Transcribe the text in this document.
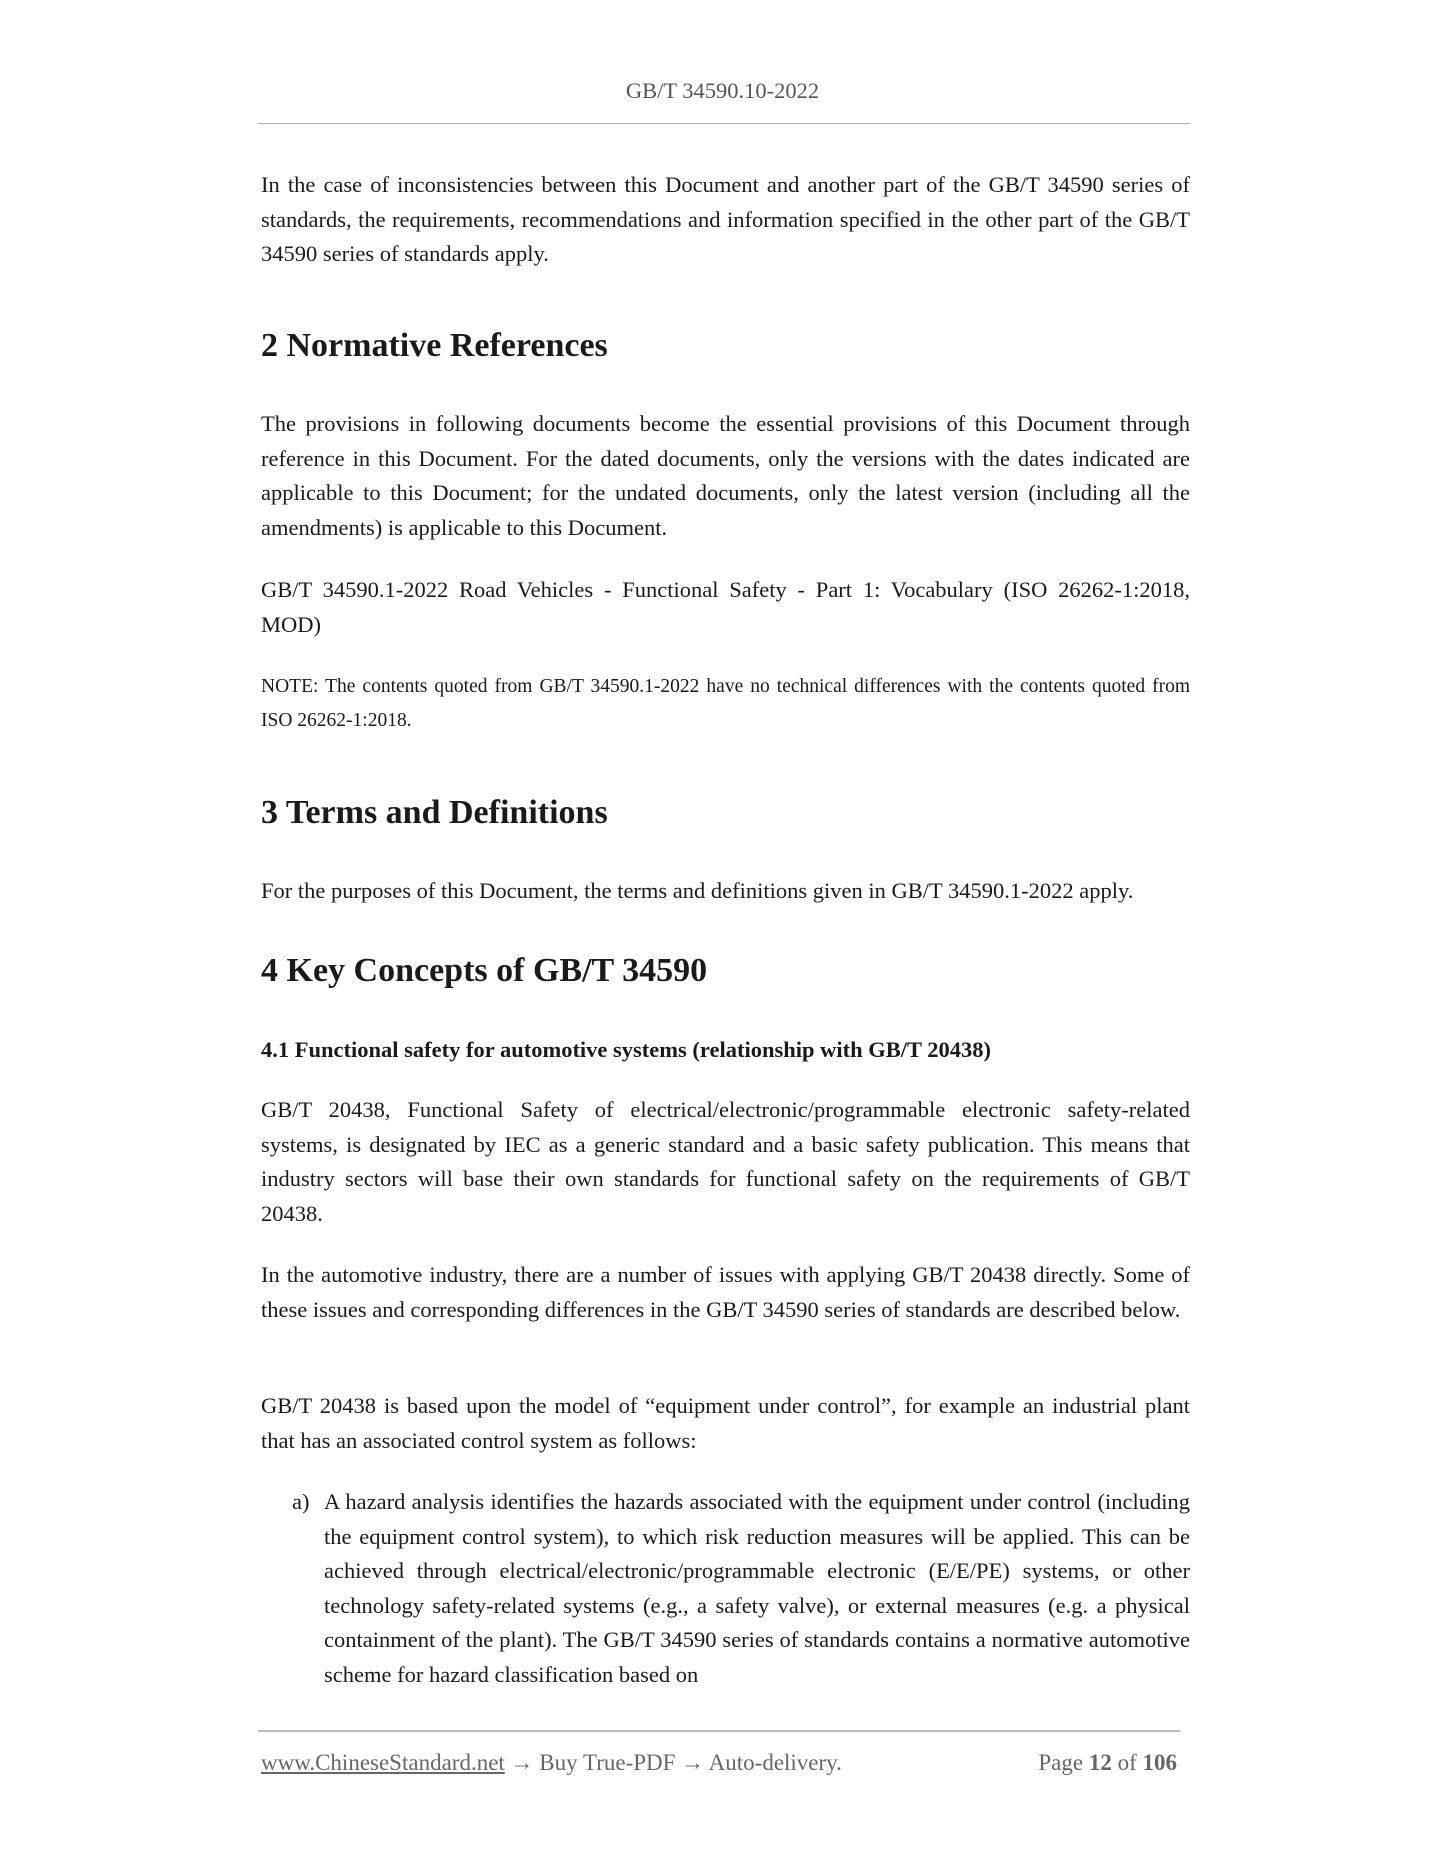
GB/T 34590.10-2022

In the case of inconsistencies between this Document and another part of the GB/T 34590 series of standards, the requirements, recommendations and information specified in the other part of the GB/T 34590 series of standards apply.

2 Normative References

The provisions in following documents become the essential provisions of this Document through reference in this Document. For the dated documents, only the versions with the dates indicated are applicable to this Document; for the undated documents, only the latest version (including all the amendments) is applicable to this Document.

GB/T 34590.1-2022 Road Vehicles - Functional Safety - Part 1: Vocabulary (ISO 26262-1:2018, MOD)

NOTE: The contents quoted from GB/T 34590.1-2022 have no technical differences with the contents quoted from ISO 26262-1:2018.

3 Terms and Definitions

For the purposes of this Document, the terms and definitions given in GB/T 34590.1-2022 apply.

4 Key Concepts of GB/T 34590
4.1 Functional safety for automotive systems (relationship with GB/T 20438)

GB/T 20438, Functional Safety of electrical/electronic/programmable electronic safety-related systems, is designated by IEC as a generic standard and a basic safety publication. This means that industry sectors will base their own standards for functional safety on the requirements of GB/T 20438.

In the automotive industry, there are a number of issues with applying GB/T 20438 directly. Some of these issues and corresponding differences in the GB/T 34590 series of standards are described below.

GB/T 20438 is based upon the model of “equipment under control”, for example an industrial plant that has an associated control system as follows:

a) A hazard analysis identifies the hazards associated with the equipment under control (including the equipment control system), to which risk reduction measures will be applied. This can be achieved through electrical/electronic/programmable electronic (E/E/PE) systems, or other technology safety-related systems (e.g., a safety valve), or external measures (e.g. a physical containment of the plant). The GB/T 34590 series of standards contains a normative automotive scheme for hazard classification based on
www.ChineseStandard.net → Buy True-PDF → Auto-delivery.	Page 12 of 106
